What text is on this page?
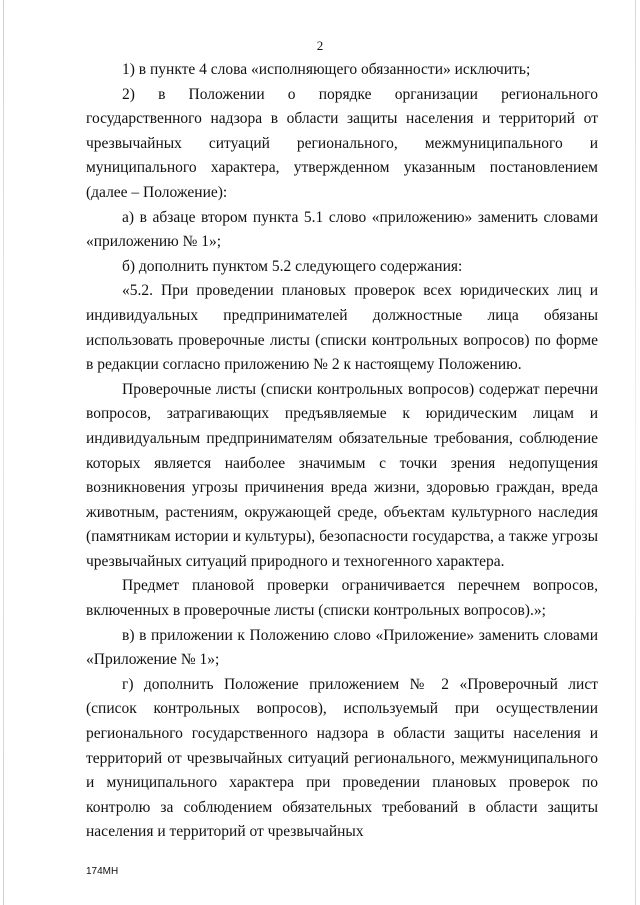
2

1) в пункте 4 слова «исполняющего обязанности» исключить;

2) в Положении о порядке организации регионального государственного надзора в области защиты населения и территорий от чрезвычайных ситуаций регионального, межмуниципального и муниципального характера, утвержденном указанным постановлением (далее – Положение):

а) в абзаце втором пункта 5.1 слово «приложению» заменить словами «приложению № 1»;

б) дополнить пунктом 5.2 следующего содержания:

«5.2. При проведении плановых проверок всех юридических лиц и индивидуальных предпринимателей должностные лица обязаны использовать проверочные листы (списки контрольных вопросов) по форме в редакции согласно приложению № 2 к настоящему Положению.

Проверочные листы (списки контрольных вопросов) содержат перечни вопросов, затрагивающих предъявляемые к юридическим лицам и индивидуальным предпринимателям обязательные требования, соблюдение которых является наиболее значимым с точки зрения недопущения возникновения угрозы причинения вреда жизни, здоровью граждан, вреда животным, растениям, окружающей среде, объектам культурного наследия (памятникам истории и культуры), безопасности государства, а также угрозы чрезвычайных ситуаций природного и техногенного характера.

Предмет плановой проверки ограничивается перечнем вопросов, включенных в проверочные листы (списки контрольных вопросов).»;

в) в приложении к Положению слово «Приложение» заменить словами «Приложение № 1»;

г) дополнить Положение приложением № 2 «Проверочный лист (список контрольных вопросов), используемый при осуществлении регионального государственного надзора в области защиты населения и территорий от чрезвычайных ситуаций регионального, межмуниципального и муниципального характера при проведении плановых проверок по контролю за соблюдением обязательных требований в области защиты населения и территорий от чрезвычайных

174МН
